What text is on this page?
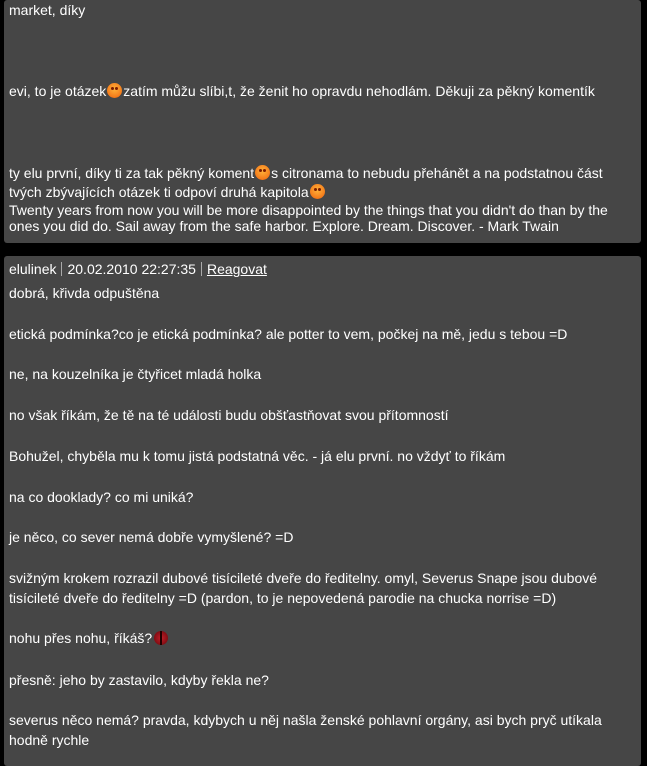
market, díky
evi, to je otázek zatím můžu slíbi,t, že ženit ho opravdu nehodlám. Děkuji za pěkný komentík
ty elu první, díky ti za tak pěkný koment s citronama to nebudu přehánět a na podstatnou část
tvých zbývajících otázek ti odpoví druhá kapitola
Twenty years from now you will be more disappointed by the things that you didn't do than by the ones you did do. Sail away from the safe harbor. Explore. Dream. Discover. - Mark Twain
elulinek 20.02.2010 22:27:35 Reagovat
dobrá, křivda odpuštěna
etická podmínka?co je etická podmínka? ale potter to vem, počkej na mě, jedu s tebou =D
ne, na kouzelníka je čtyřicet mladá holka
no však říkám, že tě na té události budu obšťastňovat svou přítomností
Bohužel, chyběla mu k tomu jistá podstatná věc. - já elu první. no vždyť to říkám
na co dooklady? co mi uniká?
je něco, co sever nemá dobře vymyšlené? =D
svižným krokem rozrazil dubové tisícileté dveře do ředitelny. omyl, Severus Snape jsou dubové tisícileté dveře do ředitelny =D (pardon, to je nepovedená parodie na chucka norrise =D)
nohu přes nohu, říkáš?
přesně: jeho by zastavilo, kdyby řekla ne?
severus něco nemá? pravda, kdybych u něj našla ženské pohlavní orgány, asi bych pryč utíkala hodně rychle
